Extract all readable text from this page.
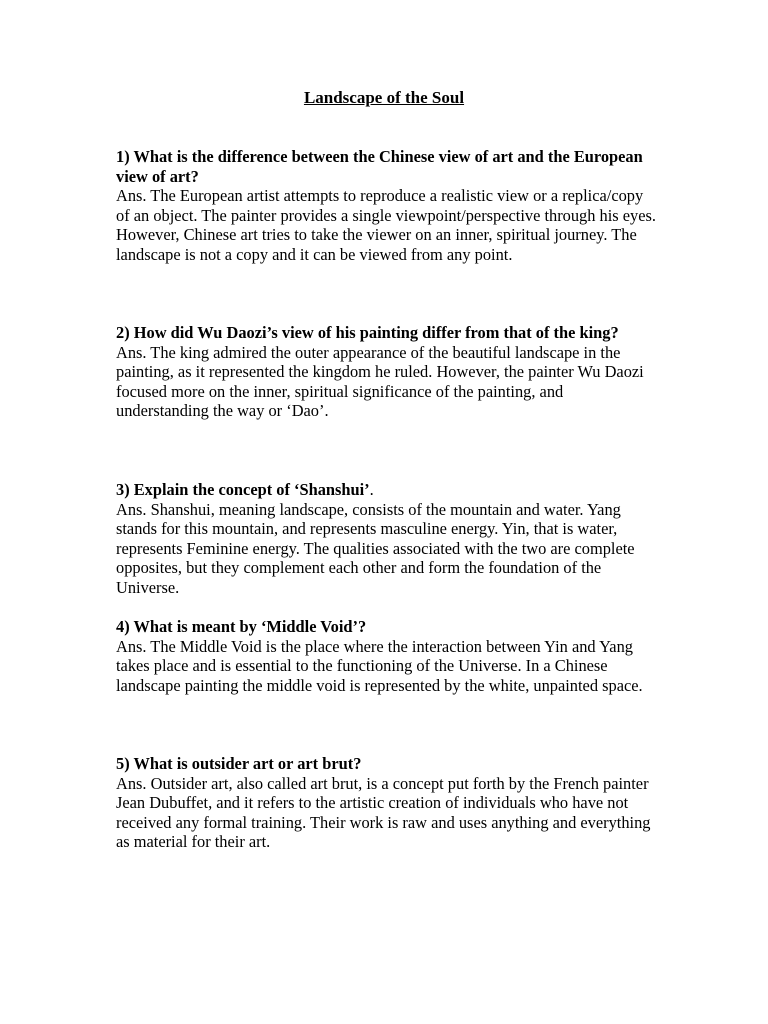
Landscape of the Soul

1) What is the difference between the Chinese view of art and the European view of art?

Ans. The European artist attempts to reproduce a realistic view or a replica/copy of an object. The painter provides a single viewpoint/perspective through his eyes. However, Chinese art tries to take the viewer on an inner, spiritual journey. The landscape is not a copy and it can be viewed from any point.

2) How did Wu Daozi’s view of his painting differ from that of the king?

Ans. The king admired the outer appearance of the beautiful landscape in the painting, as it represented the kingdom he ruled. However, the painter Wu Daozi focused more on the inner, spiritual significance of the painting, and understanding the way or ‘Dao’.

3) Explain the concept of ‘Shanshui’.

Ans. Shanshui, meaning landscape, consists of the mountain and water. Yang stands for this mountain, and represents masculine energy. Yin, that is water, represents Feminine energy. The qualities associated with the two are complete opposites, but they complement each other and form the foundation of the Universe.

4) What is meant by ‘Middle Void’?

Ans. The Middle Void is the place where the interaction between Yin and Yang takes place and is essential to the functioning of the Universe. In a Chinese landscape painting the middle void is represented by the white, unpainted space.

5) What is outsider art or art brut?

Ans. Outsider art, also called art brut, is a concept put forth by the French painter Jean Dubuffet, and it refers to the artistic creation of individuals who have not received any formal training. Their work is raw and uses anything and everything as material for their art.
